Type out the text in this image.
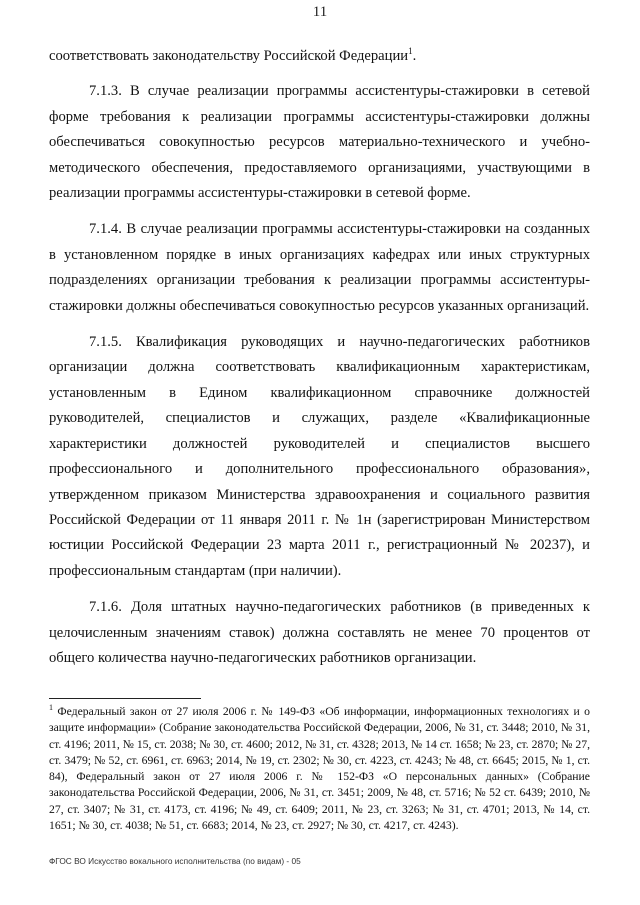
11

соответствовать законодательству Российской Федерации$^1$.

7.1.3. В случае реализации программы ассистентуры-стажировки в сетевой форме требования к реализации программы ассистентуры-стажировки должны обеспечиваться совокупностью ресурсов материально-технического и учебно-методического обеспечения, предоставляемого организациями, участвующими в реализации программы ассистентуры-стажировки в сетевой форме.

7.1.4. В случае реализации программы ассистентуры-стажировки на созданных в установленном порядке в иных организациях кафедрах или иных структурных подразделениях организации требования к реализации программы ассистентуры-стажировки должны обеспечиваться совокупностью ресурсов указанных организаций.

7.1.5. Квалификация руководящих и научно-педагогических работников организации должна соответствовать квалификационным характеристикам, установленным в Едином квалификационном справочнике должностей руководителей, специалистов и служащих, разделе «Квалификационные характеристики должностей руководителей и специалистов высшего профессионального и дополнительного профессионального образования», утвержденном приказом Министерства здравоохранения и социального развития Российской Федерации от 11 января 2011 г. № 1н (зарегистрирован Министерством юстиции Российской Федерации 23 марта 2011 г., регистрационный № 20237), и профессиональным стандартам (при наличии).

7.1.6. Доля штатных научно-педагогических работников (в приведенных к целочисленным значениям ставок) должна составлять не менее 70 процентов от общего количества научно-педагогических работников организации.

$^1$ Федеральный закон от 27 июля 2006 г. № 149-ФЗ «Об информации, информационных технологиях и о защите информации» (Собрание законодательства Российской Федерации, 2006, № 31, ст. 3448; 2010, № 31, ст. 4196; 2011, № 15, ст. 2038; № 30, ст. 4600; 2012, № 31, ст. 4328; 2013, № 14 ст. 1658; № 23, ст. 2870; № 27, ст. 3479; № 52, ст. 6961, ст. 6963; 2014, № 19, ст. 2302; № 30, ст. 4223, ст. 4243; № 48, ст. 6645; 2015, № 1, ст. 84), Федеральный закон от 27 июля 2006 г. № 152-ФЗ «О персональных данных» (Собрание законодательства Российской Федерации, 2006, № 31, ст. 3451; 2009, № 48, ст. 5716; № 52 ст. 6439; 2010, № 27, ст. 3407; № 31, ст. 4173, ст. 4196; № 49, ст. 6409; 2011, № 23, ст. 3263; № 31, ст. 4701; 2013, № 14, ст. 1651; № 30, ст. 4038; № 51, ст. 6683; 2014, № 23, ст. 2927; № 30, ст. 4217, ст. 4243).

ФГОС ВО Искусство вокального исполнительства (по видам) - 05
